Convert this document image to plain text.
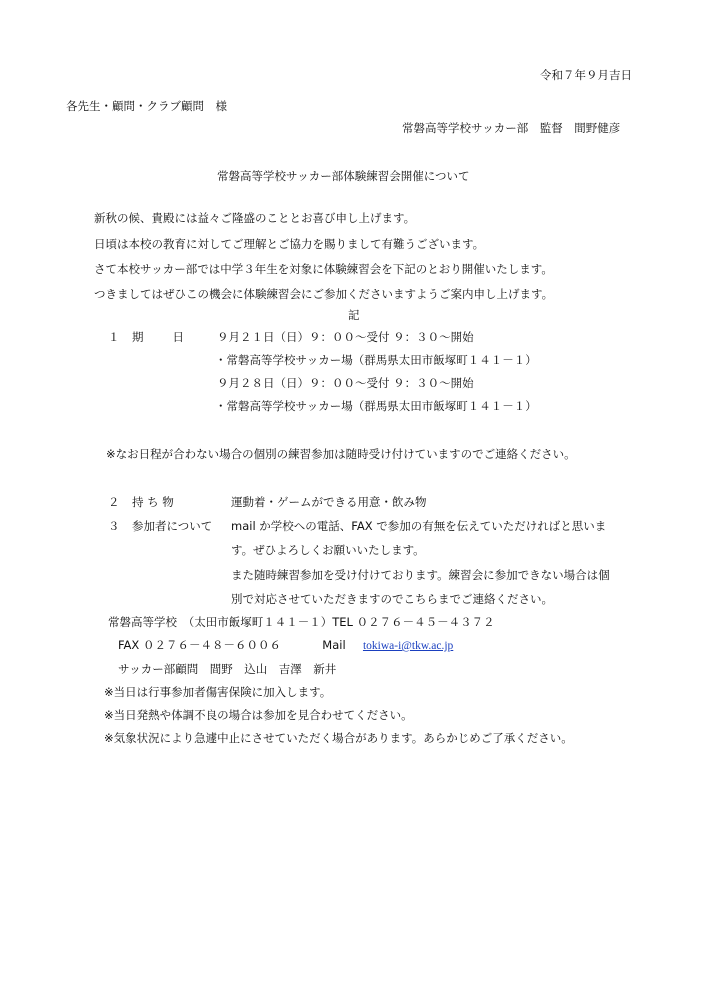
令和７年９月吉日
各先生・顧問・クラブ顧問　様
常磐高等学校サッカー部　監督　間野健彦
常磐高等学校サッカー部体験練習会開催について
新秋の候、貴殿には益々ご隆盛のこととお喜び申し上げます。
日頃は本校の教育に対してご理解とご協力を賜りまして有難うございます。
さて本校サッカー部では中学３年生を対象に体験練習会を下記のとおり開催いたします。
つきましてはぜひこの機会に体験練習会にご参加くださいますようご案内申し上げます。
記
１ 期　　日	９月２１日（日）９：００～受付 ９：３０～開始
・常磐高等学校サッカー場（群馬県太田市飯塚町１４１－１）
９月２８日（日）９：００～受付 ９：３０～開始
・常磐高等学校サッカー場（群馬県太田市飯塚町１４１－１）
※なお日程が合わない場合の個別の練習参加は随時受け付けていますのでご連絡ください。
２ 持 ち 物	運動着・ゲームができる用意・飲み物
３ 参加者について mail か学校への電話、FAX で参加の有無を伝えていただければと思いま
す。ぜひよろしくお願いいたします。
また随時練習参加を受け付けております。練習会に参加できない場合は個
別で対応させていただきますのでこちらまでご連絡ください。
常磐高等学校　（太田市飯塚町１４１－１）TEL ０２７６－４５－４３７２
FAX ０２７６－４８－６００６	Mail tokiwa-i@tkw.ac.jp
サッカー部顧問　間野　込山　吉澤　新井
※当日は行事参加者傷害保険に加入します。
※当日発熱や体調不良の場合は参加を見合わせてください。
※気象状況により急遽中止にさせていただく場合があります。あらかじめご了承ください。
